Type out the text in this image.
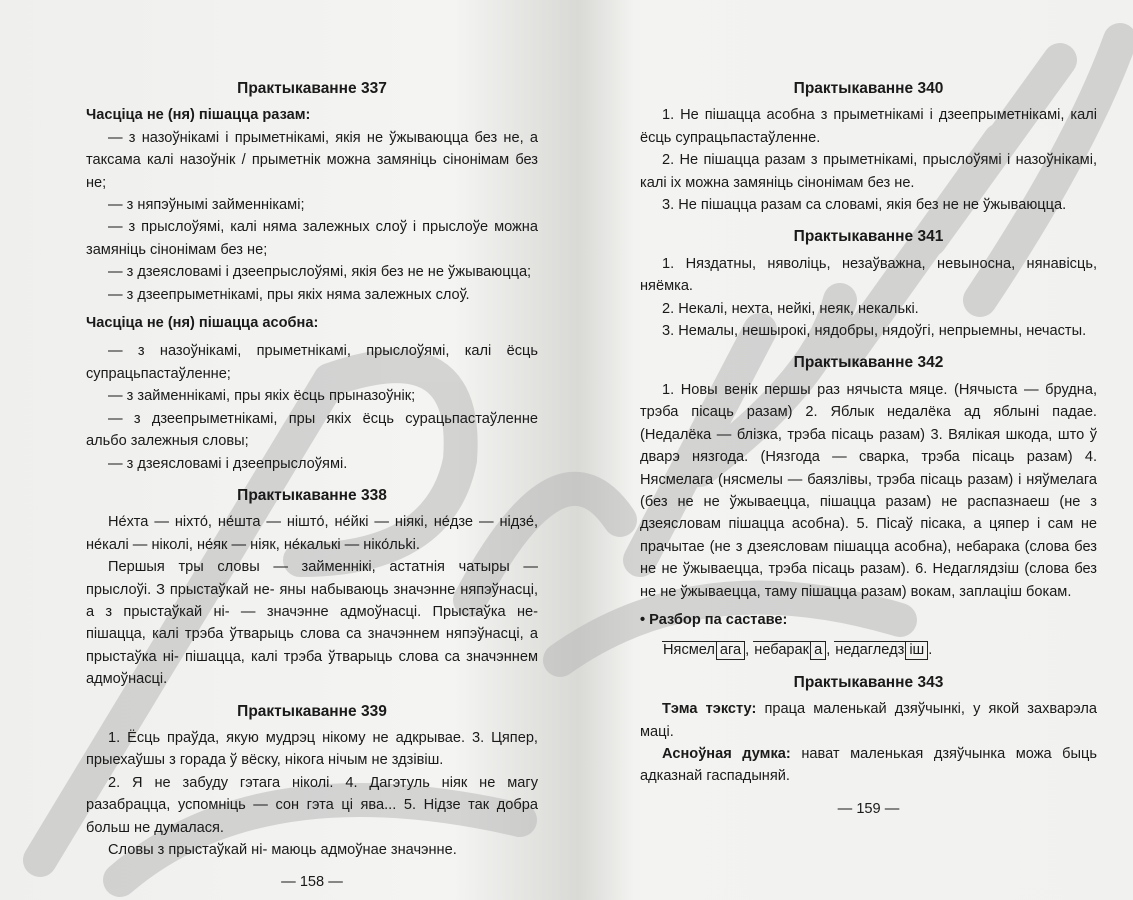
Практыкаванне 337

Часціца не (ня) пішацца разам:

— з назоўнікамі і прыметнікамі, якія не ўжываюцца без не, а таксама калі назоўнік / прыметнік можна замяніць сінонімам без не;

— з няпэўнымі займеннікамі;

— з прыслоўямі, калі няма залежных слоў і прыслоўе можна замяніць сінонімам без не;

— з дзеясловамі і дзеепрыслоўямі, якія без не не ўжываюцца;

— з дзеепрыметнікамі, пры якіх няма залежных слоў.

Часціца не (ня) пішацца асобна:

— з назоўнікамі, прыметнікамі, прыслоўямі, калі ёсць супрацьпастаўленне;

— з займеннікамі, пры якіх ёсць прыназоўнік;

— з дзеепрыметнікамі, пры якіх ёсць сурацьпастаўленне альбо залежныя словы;

— з дзеясловамі і дзеепрыслоўямі.

Практыкаванне 338

Не́хта — ніхто́, не́шта — нішто́, не́йкі — ніякі, не́дзе — нідзе́, не́калі — ніколі, не́як — ніяк, не́калькі — ніко́льki.

Першыя тры словы — займеннікі, астатнія чатыры — прыслоўі. З прыстаўкай не- яны набываюць значэнне няпэўнасці, а з прыстаўкай ні- — значэнне адмоўнасці. Прыстаўка не- пішацца, калі трэба ўтварыць слова са значэннем няпэўнасці, а прыстаўка ні- пішацца, калі трэба ўтварыць слова са значэннем адмоўнасці.

Практыкаванне 339

1. Ёсць праўда, якую мудрэц нікому не адкрывае. 3. Цяпер, прыехаўшы з горада ў вёску, нікога нічым не здзівіш.

2. Я не забуду гэтага ніколі. 4. Дагэтуль ніяк не магу разабрацца, успомніць — сон гэта ці ява... 5. Нідзе так добра больш не думалася.

Словы з прыстаўкай ні- маюць адмоўнае значэнне.

— 158 —
Практыкаванне 340

1. Не пішацца асобна з прыметнікамі і дзеепрыметнікамі, калі ёсць супрацьпастаўленне.

2. Не пішацца разам з прыметнікамі, прыслоўямі і назоўнікамі, калі іх можна замяніць сінонімам без не.

3. Не пішацца разам са словамі, якія без не не ўжываюцца.

Практыкаванне 341

1. Няздатны, няволіць, незаўважна, невыносна, нянавісць, няёмка.

2. Некалі, нехта, нейкі, неяк, некалькі.

3. Немалы, нешырокі, нядобры, нядоўгі, непрыемны, нечасты.

Практыкаванне 342

1. Новы венік першы раз нячыста мяце. (Нячыста — брудна, трэба пісаць разам) 2. Яблык недалёка ад яблыні падае. (Недалёка — блізка, трэба пісаць разам) 3. Вялікая шкода, што ў дварэ нязгода. (Нязгода — сварка, трэба пісаць разам) 4. Нясмелага (нясмелы — баязлівы, трэба пісаць разам) і няўмелага (без не не ўжываецца, пішацца разам) не распазнаеш (не з дзеясловам пішацца асобна). 5. Пісаў пісака, а цяпер і сам не прачытае (не з дзеясловам пішацца асобна), небарака (слова без не не ўжываецца, трэба пісаць разам). 6. Недаглядзіш (слова без не не ўжываецца, таму пішацца разам) вокам, заплаціш бокам.

• Разбор па саставе:
Нясмел ага , небарак а , недагледз іш .
Практыкаванне 343

Тэма тэксту: праца маленькай дзяўчынкі, у якой захварэла маці.

Асноўная думка: нават маленькая дзяўчынка можа быць адказнай гаспадыняй.

— 159 —
